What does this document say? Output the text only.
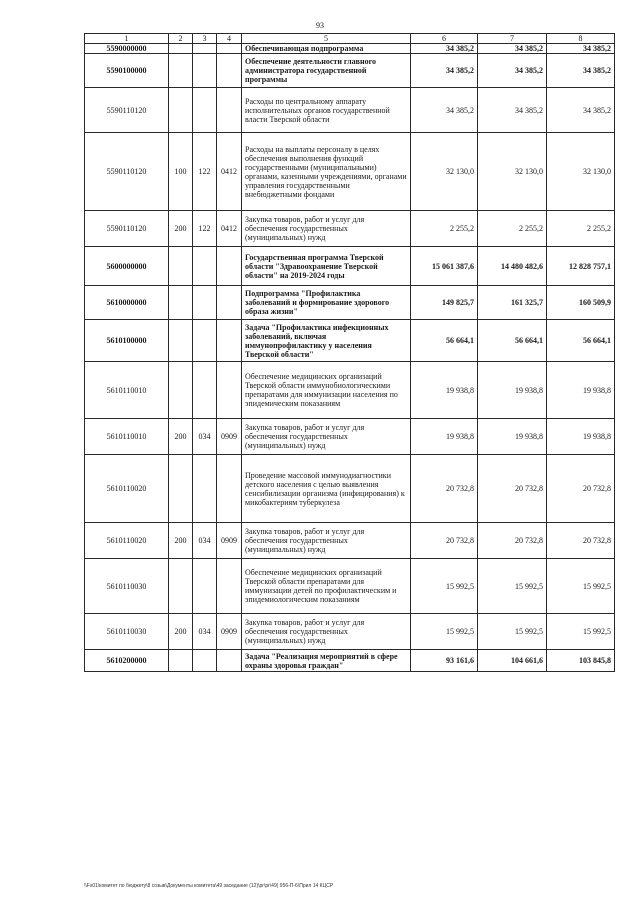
93
1	2	3	4	5	6	7	8
5590000000				Обеспечивающая подпрограмма	34 385,2	34 385,2	34 385,2
5590100000				Обеспечение деятельности главного администратора государственной программы	34 385,2	34 385,2	34 385,2
5590110120				Расходы по центральному аппарату исполнительных органов государственной власти Тверской области	34 385,2	34 385,2	34 385,2
5590110120	100	122	0412	Расходы на выплаты персоналу в целях обеспечения выполнения функций государственными (муниципальными) органами, казенными учреждениями, органами управления государственными внебюджетными фондами	32 130,0	32 130,0	32 130,0
5590110120	200	122	0412	Закупка товаров, работ и услуг для обеспечения государственных (муниципальных) нужд	2 255,2	2 255,2	2 255,2
5600000000				Государственная программа Тверской области "Здравоохранение Тверской области" на 2019-2024 годы	15 061 387,6	14 480 482,6	12 828 757,1
5610000000				Подпрограмма "Профилактика заболеваний и формирование здорового образа жизни"	149 825,7	161 325,7	160 509,9
5610100000				Задача "Профилактика инфекционных заболеваний, включая иммунопрофилактику у населения Тверской области"	56 664,1	56 664,1	56 664,1
5610110010				Обеспечение медицинских организаций Тверской области иммунобиологическими препаратами для иммунизации населения по эпидемическим показаниям	19 938,8	19 938,8	19 938,8
5610110010	200	034	0909	Закупка товаров, работ и услуг для обеспечения государственных (муниципальных) нужд	19 938,8	19 938,8	19 938,8
5610110020				Проведение массовой иммунодиагностики детского населения с целью выявления сенсибилизации организма (инфицирования) к микобактериям туберкулеза	20 732,8	20 732,8	20 732,8
5610110020	200	034	0909	Закупка товаров, работ и услуг для обеспечения государственных (муниципальных) нужд	20 732,8	20 732,8	20 732,8
5610110030				Обеспечение медицинских организаций Тверской области препаратами для иммунизации детей по профилактическим и эпидемиологическим показаниям	15 992,5	15 992,5	15 992,5
5610110030	200	034	0909	Закупка товаров, работ и услуг для обеспечения государственных (муниципальных) нужд	15 992,5	15 992,5	15 992,5
5610200000				Задача "Реализация мероприятий в сфере охраны здоровья граждан"	93 161,6	104 661,6	103 845,8
\\Fs01\комитет по бюджету\8 созыв\Документы комитета\49 заседание (12)\pr\pr\49) 956-П-6\Прил 14 КЦСР
